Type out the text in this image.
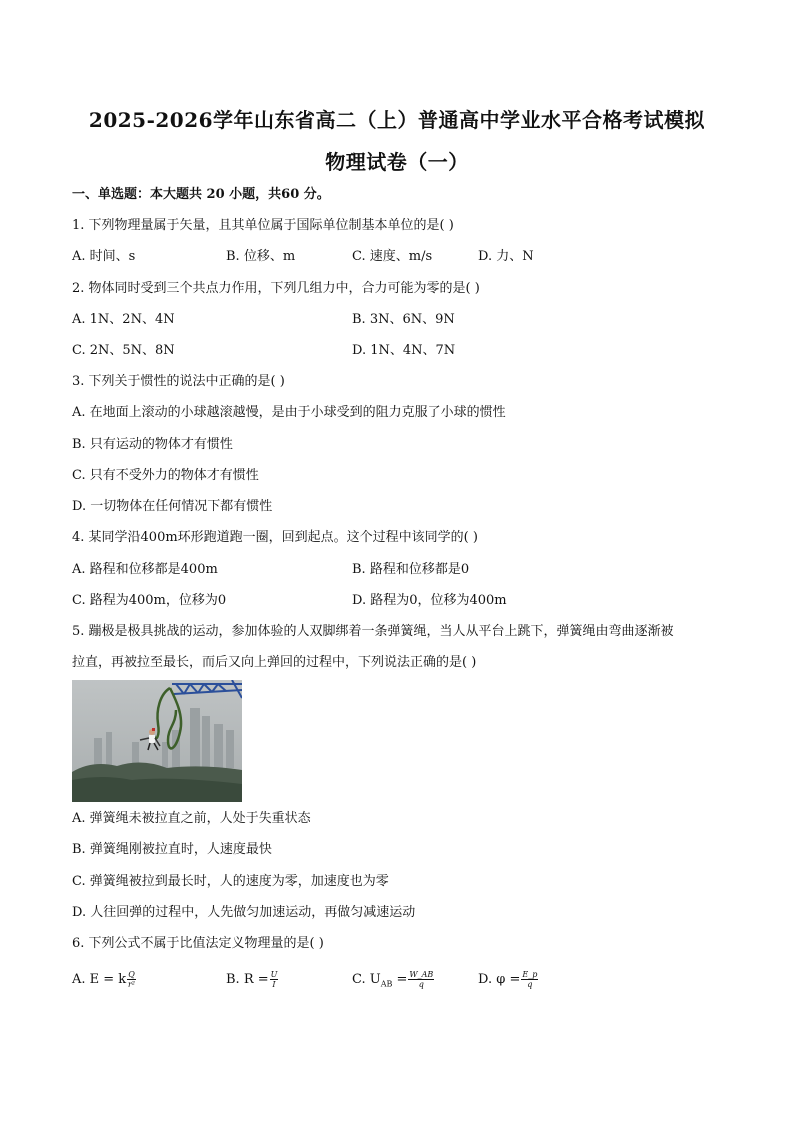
2025-2026学年山东省高二（上）普通高中学业水平合格考试模拟
物理试卷（一）
一、单选题：本大题共 20 小题，共60 分。
1. 下列物理量属于矢量，且其单位属于国际单位制基本单位的是( )
A. 时间、s	B. 位移、m	C. 速度、m/s	D. 力、N
2. 物体同时受到三个共点力作用，下列几组力中，合力可能为零的是( )
A. 1N、2N、4N	B. 3N、6N、9N
C. 2N、5N、8N	D. 1N、4N、7N
3. 下列关于惯性的说法中正确的是( )
A. 在地面上滚动的小球越滚越慢，是由于小球受到的阻力克服了小球的惯性
B. 只有运动的物体才有惯性
C. 只有不受外力的物体才有惯性
D. 一切物体在任何情况下都有惯性
4. 某同学沿400m环形跑道跑一圈，回到起点。这个过程中该同学的( )
A. 路程和位移都是400m	B. 路程和位移都是0
C. 路程为400m，位移为0	D. 路程为0，位移为400m
5. 蹦极是极具挑战的运动，参加体验的人双脚绑着一条弹簧绳，当人从平台上跳下，弹簧绳由弯曲逐渐被
拉直，再被拉至最长，而后又向上弹回的过程中，下列说法正确的是( )
A. 弹簧绳未被拉直之前，人处于失重状态
B. 弹簧绳刚被拉直时，人速度最快
C. 弹簧绳被拉到最长时，人的速度为零，加速度也为零
D. 人往回弹的过程中，人先做匀加速运动，再做匀减速运动
6. 下列公式不属于比值法定义物理量的是( )
A. E = k $\frac{Q}{\text{r²}}$	B. $R = \frac{U}{I}$	C. $U_{AB} = \frac{W\_AB}{q}$	D. $\varphi = \frac{E\_p}{q}$
